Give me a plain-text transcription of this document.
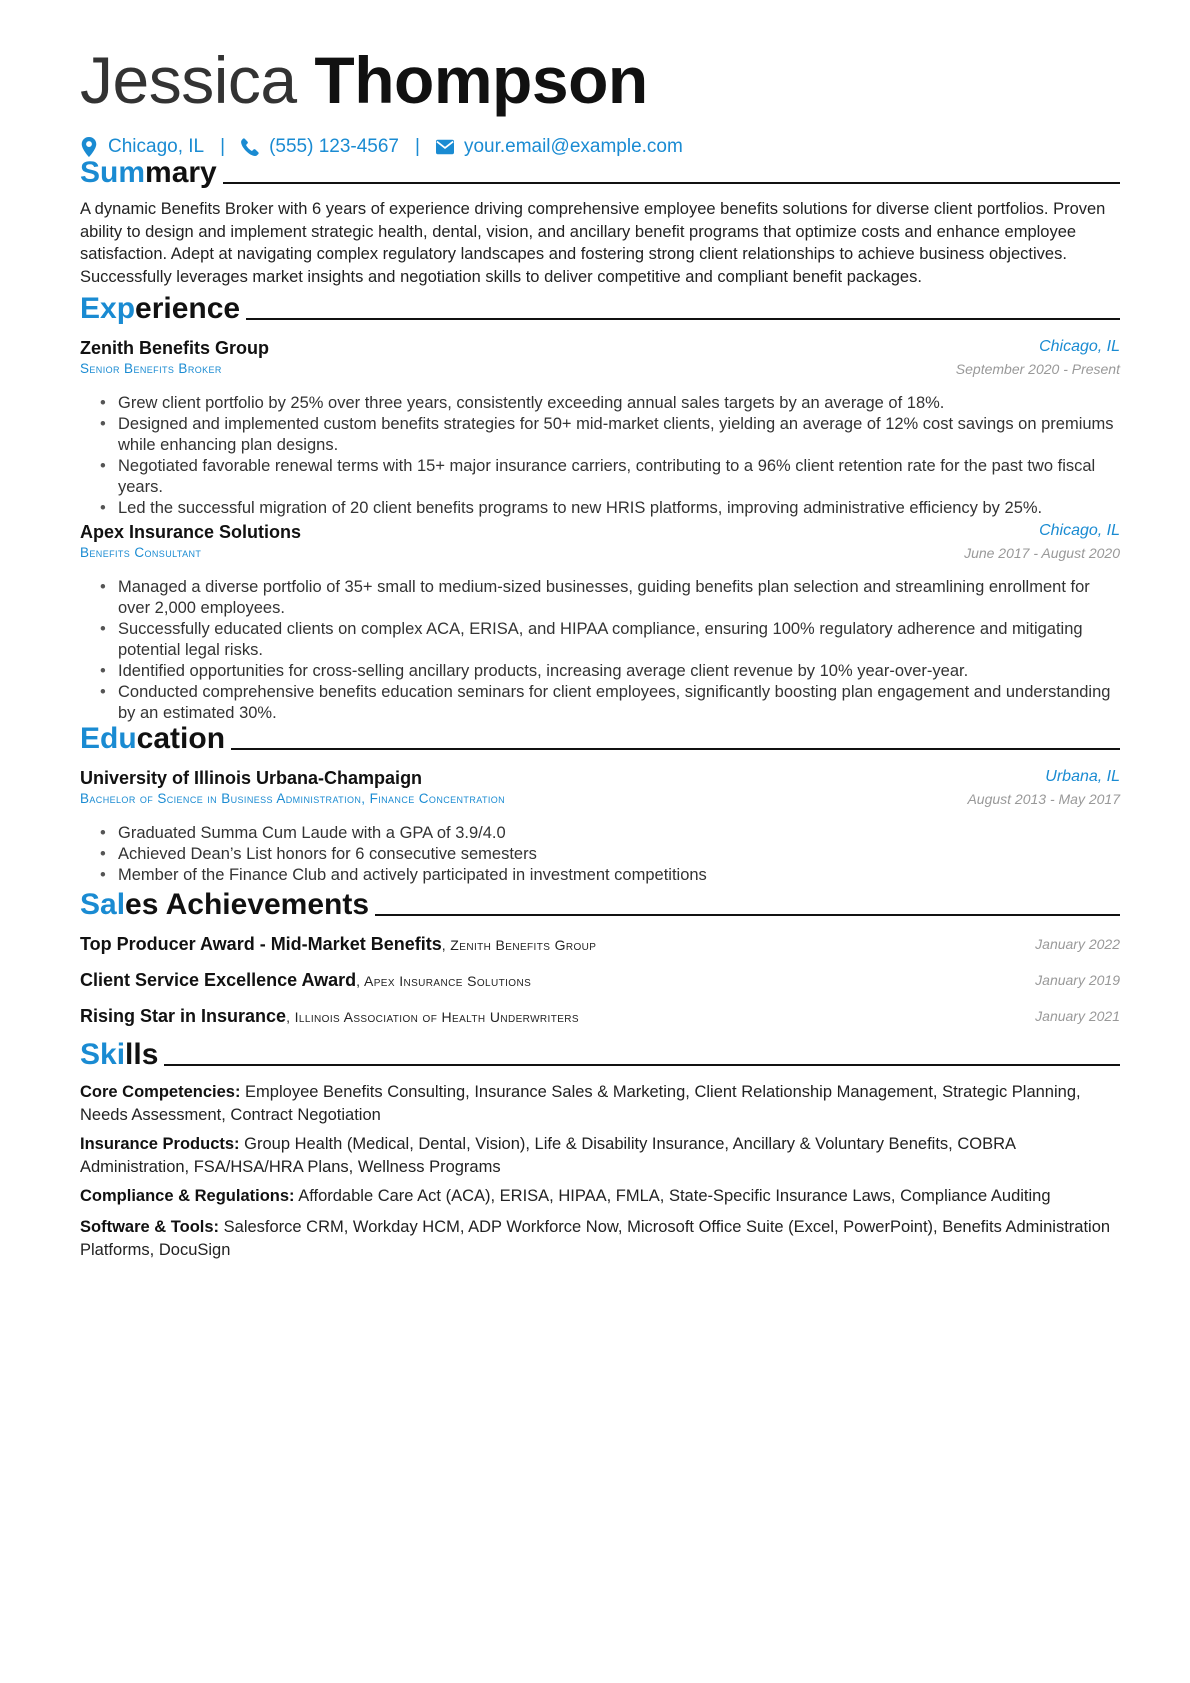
Jessica Thompson
Chicago, IL | (555) 123-4567 | your.email@example.com
Summary
A dynamic Benefits Broker with 6 years of experience driving comprehensive employee benefits solutions for diverse client portfolios. Proven ability to design and implement strategic health, dental, vision, and ancillary benefit programs that optimize costs and enhance employee satisfaction. Adept at navigating complex regulatory landscapes and fostering strong client relationships to achieve business objectives. Successfully leverages market insights and negotiation skills to deliver competitive and compliant benefit packages.
Experience
Zenith Benefits Group	Chicago, IL
Senior Benefits Broker	September 2020 - Present
• Grew client portfolio by 25% over three years, consistently exceeding annual sales targets by an average of 18%.
• Designed and implemented custom benefits strategies for 50+ mid-market clients, yielding an average of 12% cost savings on premiums while enhancing plan designs.
• Negotiated favorable renewal terms with 15+ major insurance carriers, contributing to a 96% client retention rate for the past two fiscal years.
• Led the successful migration of 20 client benefits programs to new HRIS platforms, improving administrative efficiency by 25%.
Apex Insurance Solutions	Chicago, IL
Benefits Consultant	June 2017 - August 2020
• Managed a diverse portfolio of 35+ small to medium-sized businesses, guiding benefits plan selection and streamlining enrollment for over 2,000 employees.
• Successfully educated clients on complex ACA, ERISA, and HIPAA compliance, ensuring 100% regulatory adherence and mitigating potential legal risks.
• Identified opportunities for cross-selling ancillary products, increasing average client revenue by 10% year-over-year.
• Conducted comprehensive benefits education seminars for client employees, significantly boosting plan engagement and understanding by an estimated 30%.
Education
University of Illinois Urbana-Champaign	Urbana, IL
Bachelor of Science in Business Administration, Finance Concentration	August 2013 - May 2017
• Graduated Summa Cum Laude with a GPA of 3.9/4.0
• Achieved Dean’s List honors for 6 consecutive semesters
• Member of the Finance Club and actively participated in investment competitions
Sales Achievements
Top Producer Award - Mid-Market Benefits, Zenith Benefits Group	January 2022
Client Service Excellence Award, Apex Insurance Solutions	January 2019
Rising Star in Insurance, Illinois Association of Health Underwriters	January 2021
Skills
Core Competencies: Employee Benefits Consulting, Insurance Sales & Marketing, Client Relationship Management, Strategic Planning, Needs Assessment, Contract Negotiation
Insurance Products: Group Health (Medical, Dental, Vision), Life & Disability Insurance, Ancillary & Voluntary Benefits, COBRA Administration, FSA/HSA/HRA Plans, Wellness Programs
Compliance & Regulations: Affordable Care Act (ACA), ERISA, HIPAA, FMLA, State-Specific Insurance Laws, Compliance Auditing
Software & Tools: Salesforce CRM, Workday HCM, ADP Workforce Now, Microsoft Office Suite (Excel, PowerPoint), Benefits Administration Platforms, DocuSign
